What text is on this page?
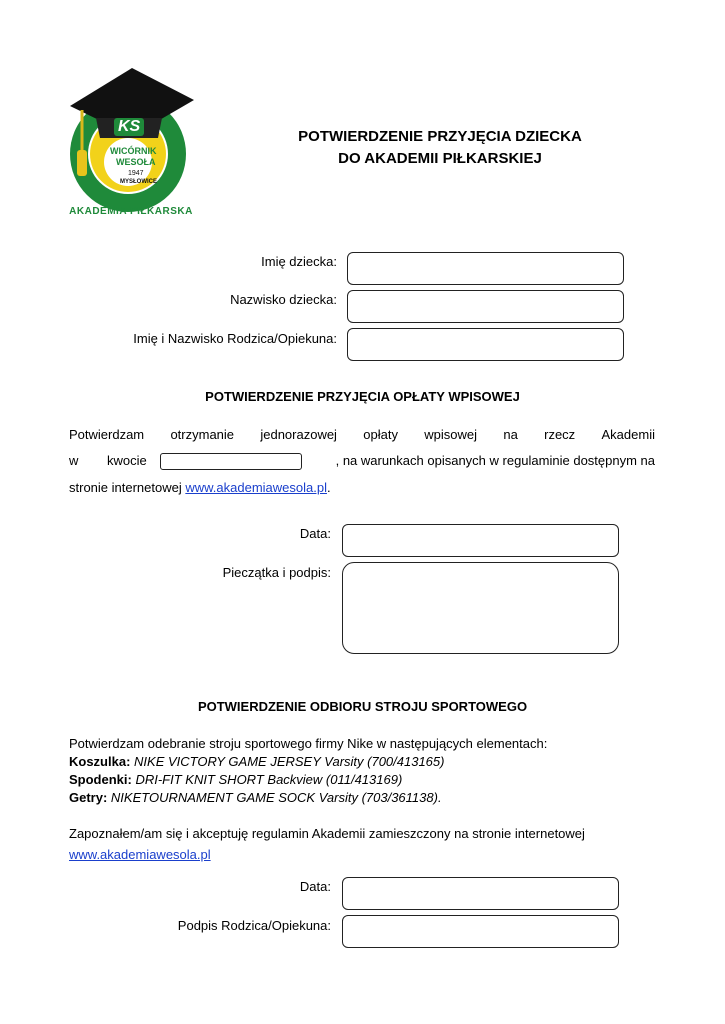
KS
WICÓRNIK
WESOŁA
1947
MYSŁOWICE
AKADEMIA PIŁKARSKA
POTWIERDZENIE PRZYJĘCIA DZIECKA
DO AKADEMII PIŁKARSKIEJ
Imię dziecka:
Nazwisko dziecka:
Imię i Nazwisko Rodzica/Opiekuna:
POTWIERDZENIE PRZYJĘCIA OPŁATY WPISOWEJ
Potwierdzam otrzymanie jednorazowej opłaty wpisowej na rzecz Akademii
w kwocie	, na warunkach opisanych w regulaminie dostępnym na
stronie internetowej www.akademiawesola.pl.
Data:
Pieczątka i podpis:
POTWIERDZENIE ODBIORU STROJU SPORTOWEGO
Potwierdzam odebranie stroju sportowego firmy Nike w następujących elementach:
Koszulka: NIKE VICTORY GAME JERSEY Varsity (700/413165)
Spodenki: DRI-FIT KNIT SHORT Backview (011/413169)
Getry: NIKETOURNAMENT GAME SOCK Varsity (703/361138).
Zapoznałem/am się i akceptuję regulamin Akademii zamieszczony na stronie internetowej
www.akademiawesola.pl
Data:
Podpis Rodzica/Opiekuna:
